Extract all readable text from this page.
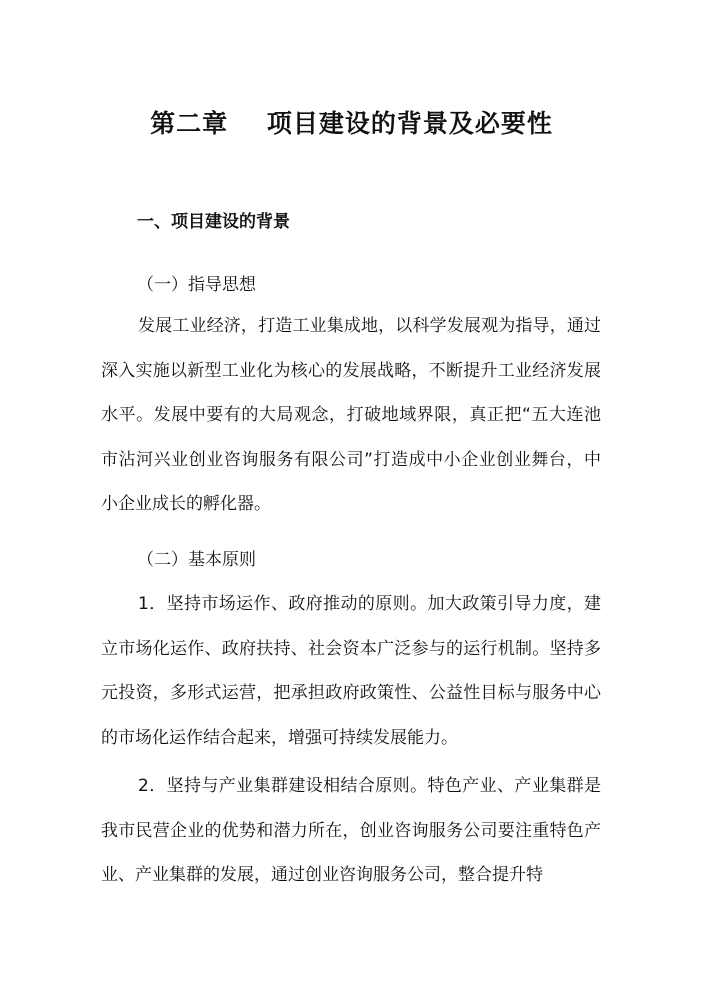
第二章    项目建设的背景及必要性
一、项目建设的背景
（一）指导思想

发展工业经济，打造工业集成地，以科学发展观为指导，通过深入实施以新型工业化为核心的发展战略，不断提升工业经济发展水平。发展中要有的大局观念，打破地域界限，真正把“五大连池市沾河兴业创业咨询服务有限公司”打造成中小企业创业舞台，中小企业成长的孵化器。

（二）基本原则

1．坚持市场运作、政府推动的原则。加大政策引导力度，建立市场化运作、政府扶持、社会资本广泛参与的运行机制。坚持多元投资，多形式运营，把承担政府政策性、公益性目标与服务中心的市场化运作结合起来，增强可持续发展能力。

2．坚持与产业集群建设相结合原则。特色产业、产业集群是我市民营企业的优势和潜力所在，创业咨询服务公司要注重特色产业、产业集群的发展，通过创业咨询服务公司，整合提升特
